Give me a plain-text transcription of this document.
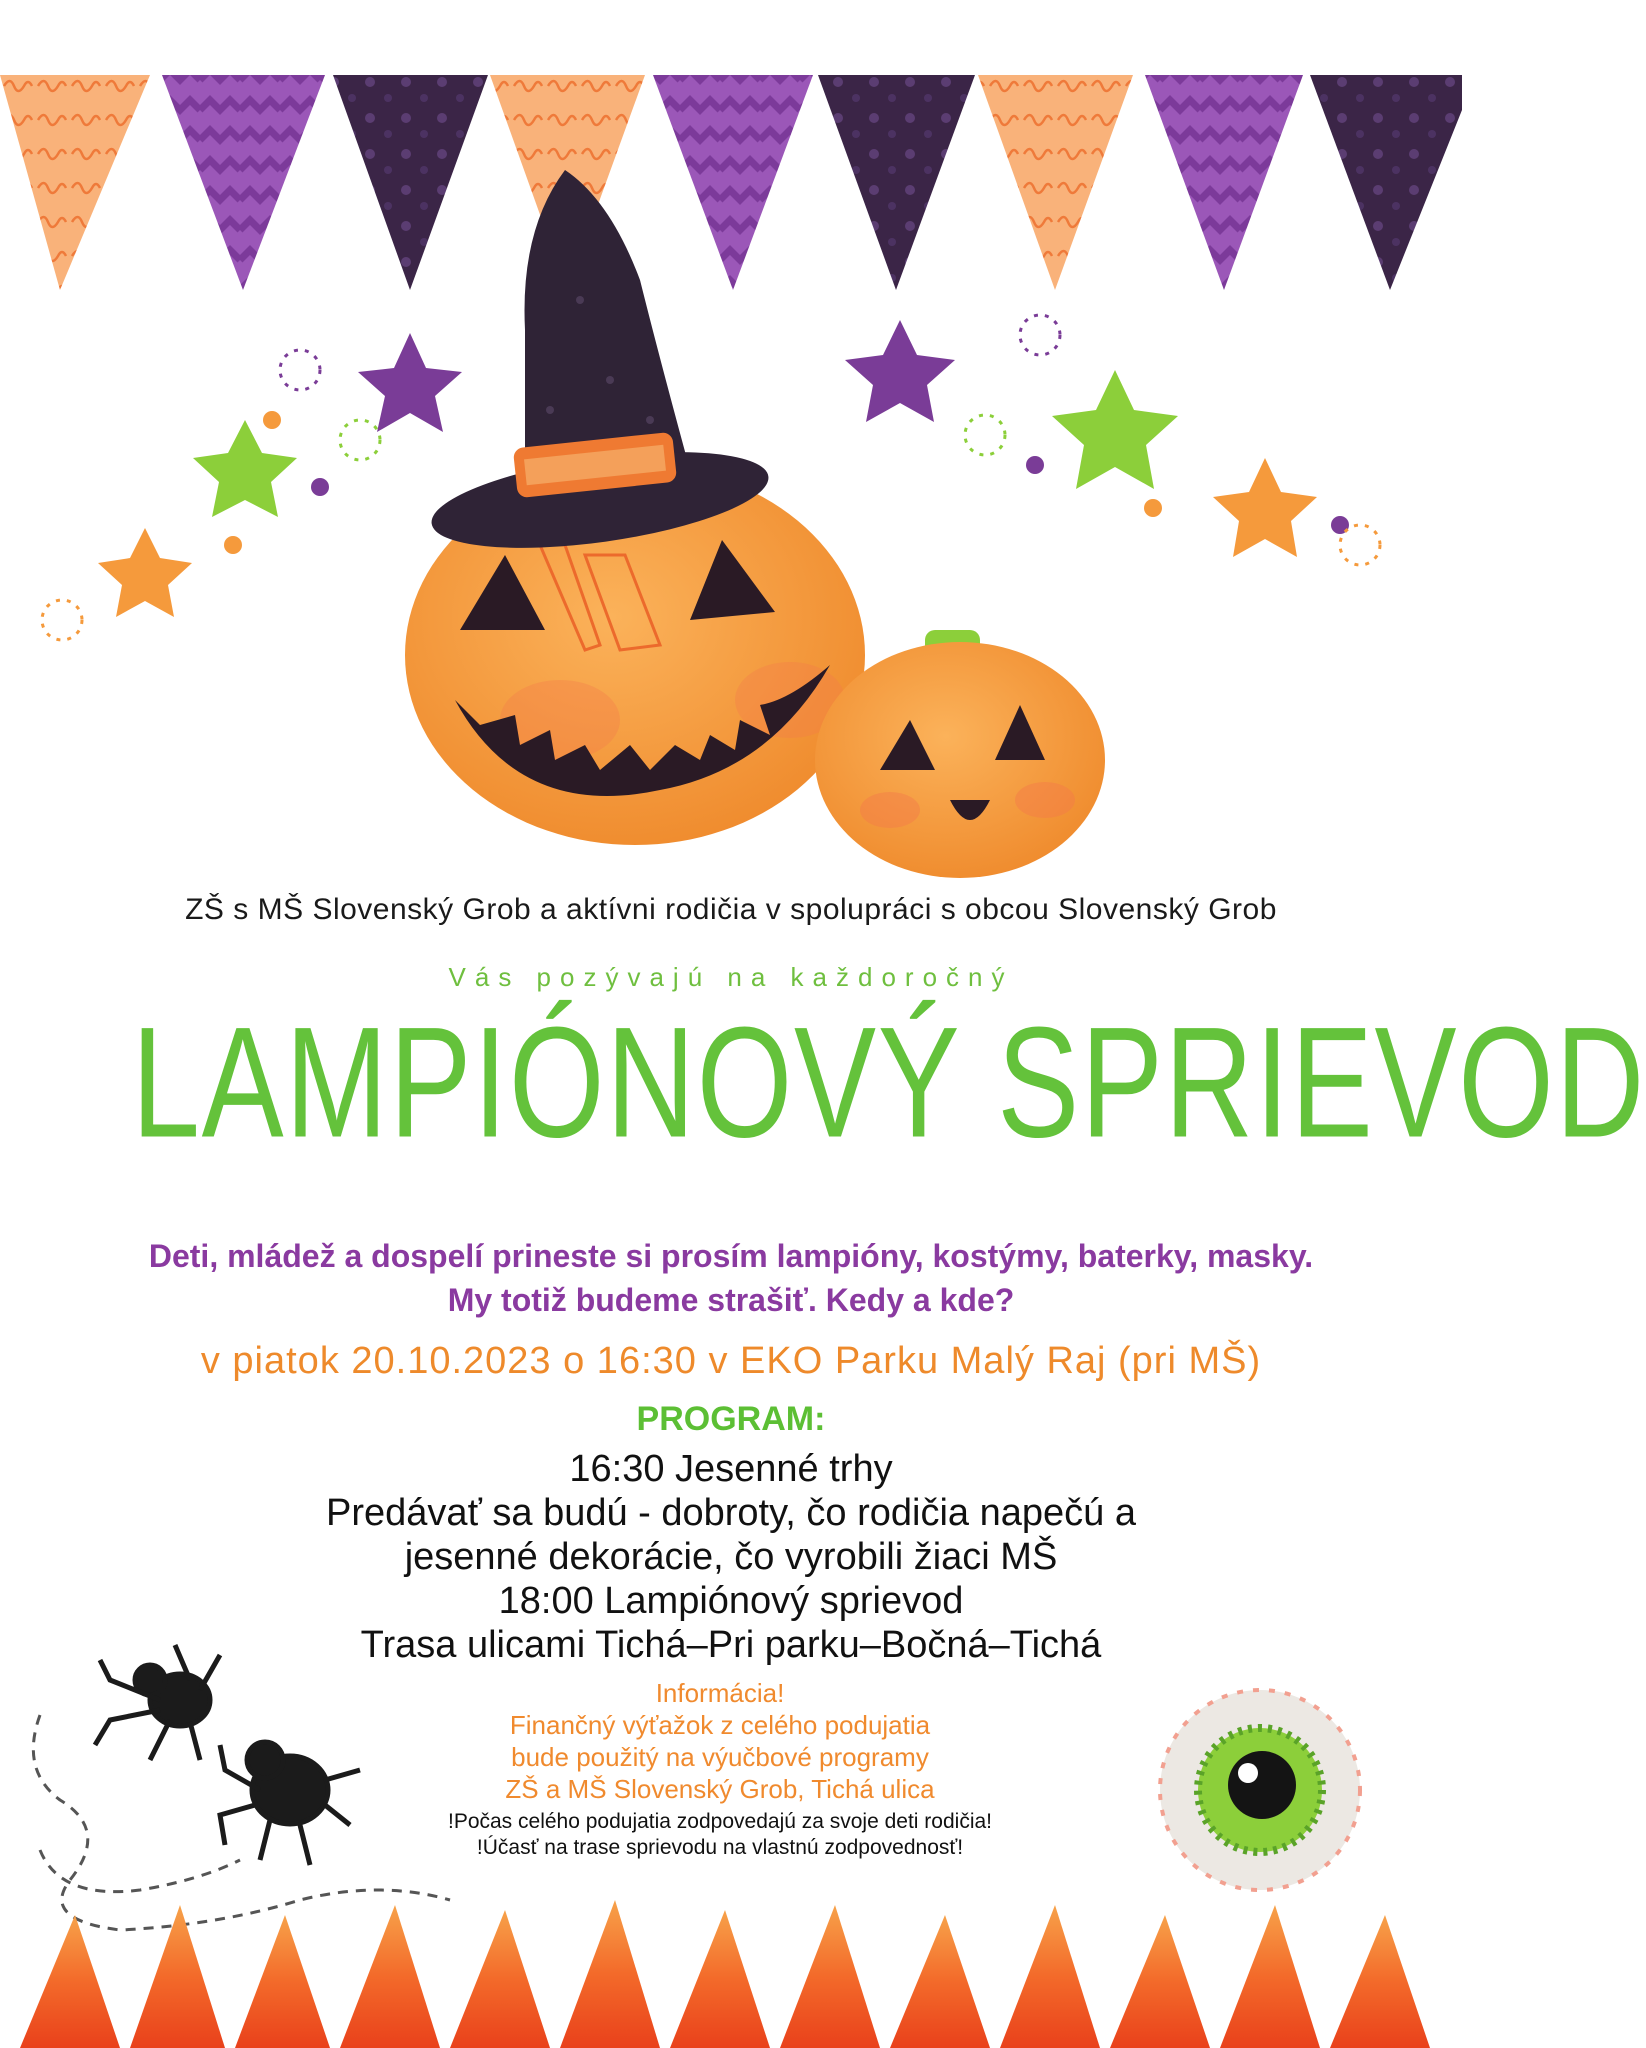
ZŠ s MŠ Slovenský Grob a aktívni rodičia v spolupráci s obcou Slovenský Grob

Vás pozývajú na každoročný

LAMPIÓNOVÝ SPRIEVOD

Deti, mládež a dospelí prineste si prosím lampióny, kostýmy, baterky, masky.

My totiž budeme strašiť. Kedy a kde?

v piatok 20.10.2023 o 16:30 v EKO Parku Malý Raj (pri MŠ)

PROGRAM:

16:30 Jesenné trhy

Predávať sa budú - dobroty, čo rodičia napečú a

jesenné dekorácie, čo vyrobili žiaci MŠ

18:00 Lampiónový sprievod

Trasa ulicami Tichá–Pri parku–Bočná–Tichá

Informácia!

Finančný výťažok z celého podujatia

bude použitý na výučbové programy

ZŠ a MŠ Slovenský Grob, Tichá ulica

!Počas celého podujatia zodpovedajú za svoje deti rodičia!

!Účasť na trase sprievodu na vlastnú zodpovednosť!
